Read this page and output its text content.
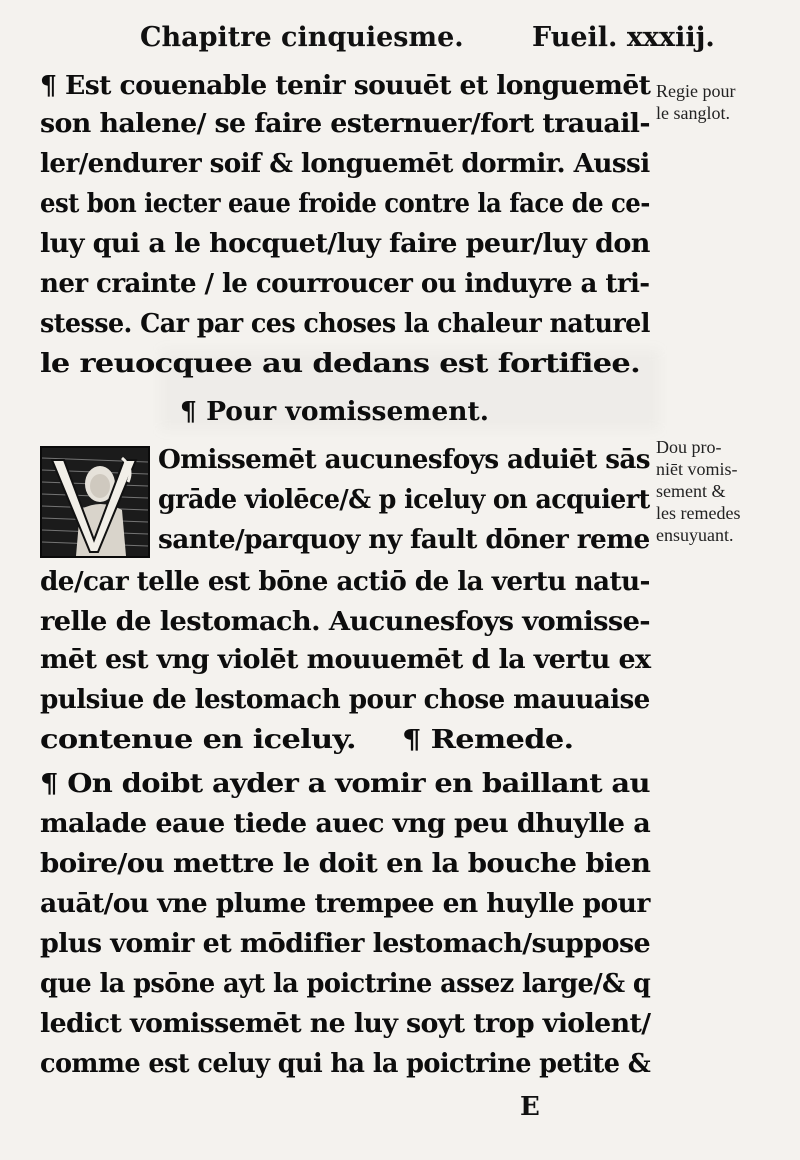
Chapitre cinquiesme.	Fueil. xxxiij.
¶ Est couenable tenir souuēt et longuemēt
son halene/ se faire esternuer/fort trauail-
ler/endurer soif & longuemēt dormir. Aussi
est bon iecter eaue froide contre la face de ce-
luy qui a le hocquet/luy faire peur/luy don
ner crainte / le courroucer ou induyre a tri-
stesse. Car par ces choses la chaleur naturel
le reuocquee au dedans est fortifiee.
Regie pour
le sanglot.
¶ Pour vomissement.
Omissemēt aucunesfoys aduiēt sās
grāde violēce/& p iceluy on acquiert
sante/parquoy ny fault dōner reme
de/car telle est bōne actiō de la vertu natu-
relle de lestomach. Aucunesfoys vomisse-
mēt est vng violēt mouuemēt d la vertu ex
pulsiue de lestomach pour chose mauuaise
contenue en iceluy. ¶ Remede.
Dou pro-
niēt vomis-
sement &
les remedes
ensuyuant.
¶ On doibt ayder a vomir en baillant au
malade eaue tiede auec vng peu dhuylle a
boire/ou mettre le doit en la bouche bien
auāt/ou vne plume trempee en huylle pour
plus vomir et mōdifier lestomach/suppose
que la psōne ayt la poictrine assez large/& q
ledict vomissemēt ne luy soyt trop violent/
comme est celuy qui ha la poictrine petite &
E
